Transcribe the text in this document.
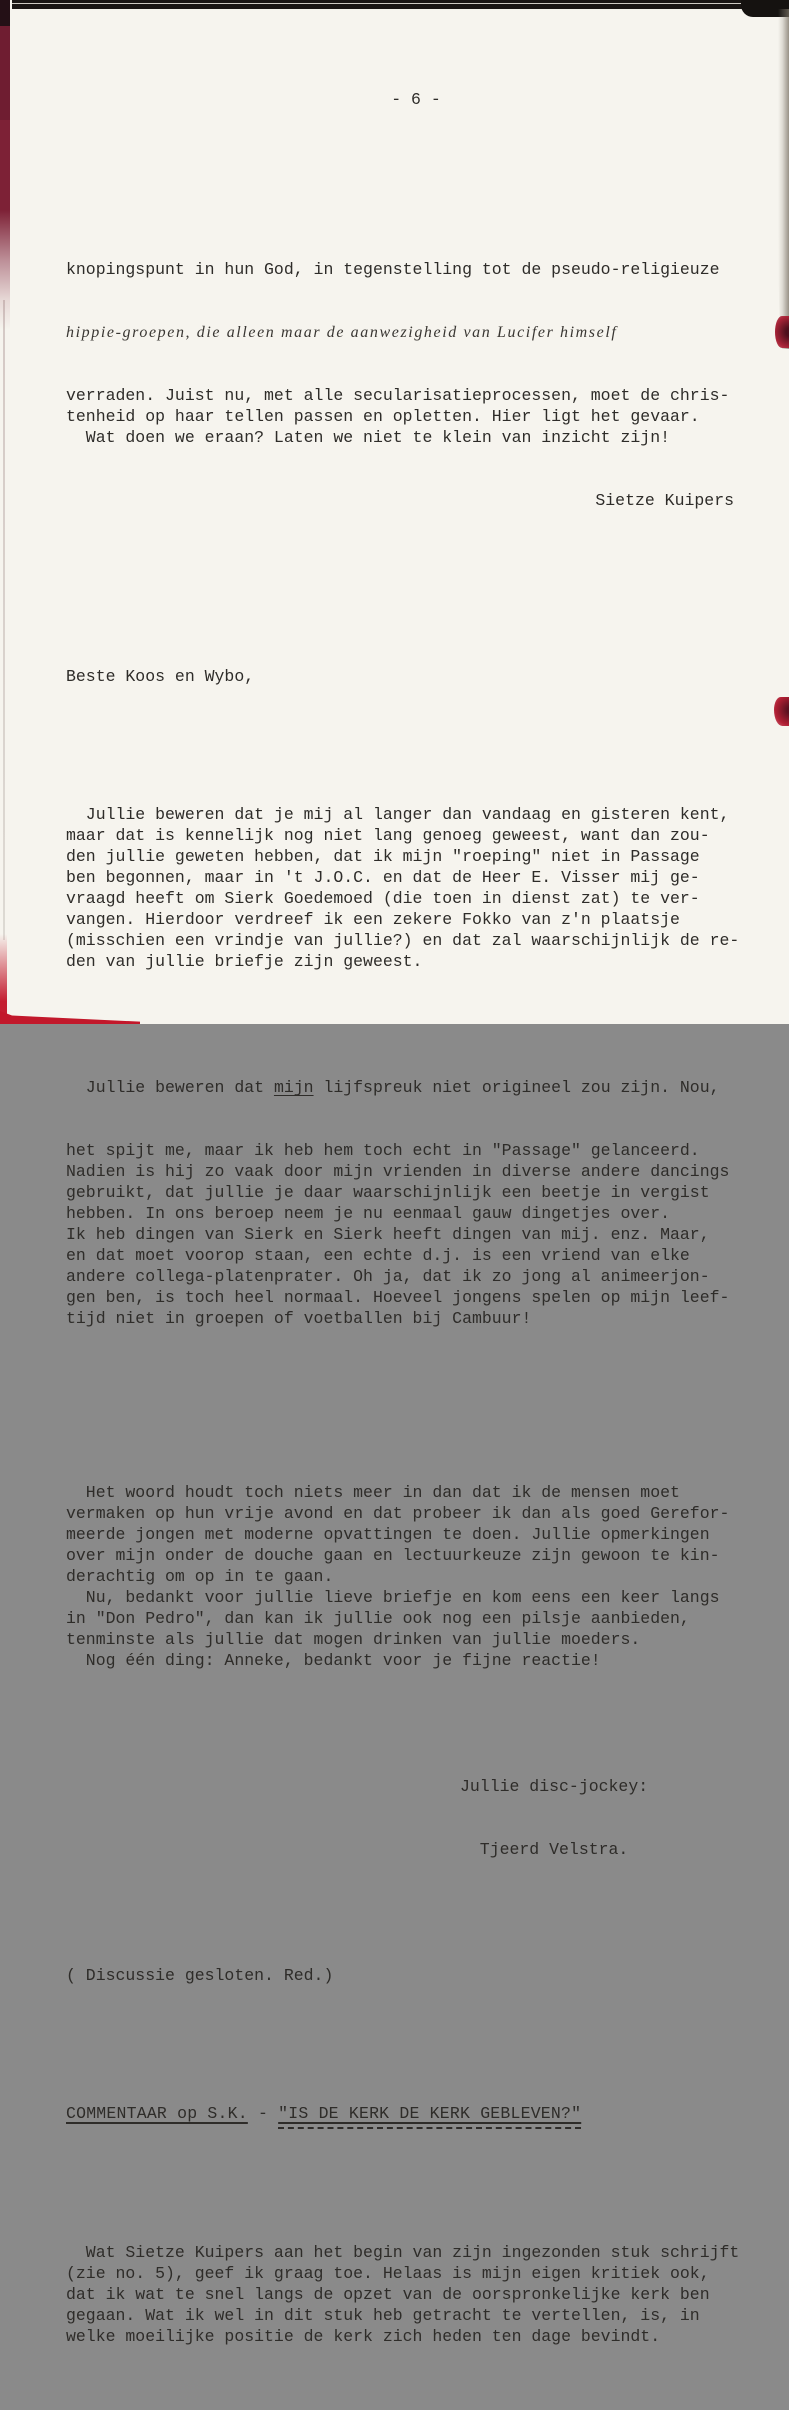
- 6 -

knopingspunt in hun God, in tegenstelling tot de pseudo-religieuze

hippie-groepen, die alleen maar de aanwezigheid van Lucifer himself

verraden. Juist nu, met alle secularisatieprocessen, moet de chris-
tenheid op haar tellen passen en opletten. Hier ligt het gevaar.
Wat doen we eraan? Laten we niet te klein van inzicht zijn!

Sietze Kuipers

Beste Koos en Wybo,

Jullie beweren dat je mij al langer dan vandaag en gisteren kent,
maar dat is kennelijk nog niet lang genoeg geweest, want dan zou-
den jullie geweten hebben, dat ik mijn "roeping" niet in Passage
ben begonnen, maar in 't J.O.C. en dat de Heer E. Visser mij ge-
vraagd heeft om Sierk Goedemoed (die toen in dienst zat) te ver-
vangen. Hierdoor verdreef ik een zekere Fokko van z'n plaatsje
(misschien een vrindje van jullie?) en dat zal waarschijnlijk de re-
den van jullie briefje zijn geweest.

Jullie beweren dat mijn lijfspreuk niet origineel zou zijn. Nou,

het spijt me, maar ik heb hem toch echt in "Passage" gelanceerd.
Nadien is hij zo vaak door mijn vrienden in diverse andere dancings
gebruikt, dat jullie je daar waarschijnlijk een beetje in vergist
hebben. In ons beroep neem je nu eenmaal gauw dingetjes over.
Ik heb dingen van Sierk en Sierk heeft dingen van mij. enz. Maar,
en dat moet voorop staan, een echte d.j. is een vriend van elke
andere collega-platenprater. Oh ja, dat ik zo jong al animeerjon-
gen ben, is toch heel normaal. Hoeveel jongens spelen op mijn leef-
tijd niet in groepen of voetballen bij Cambuur!

Het woord houdt toch niets meer in dan dat ik de mensen moet
vermaken op hun vrije avond en dat probeer ik dan als goed Gerefor-
meerde jongen met moderne opvattingen te doen. Jullie opmerkingen
over mijn onder de douche gaan en lectuurkeuze zijn gewoon te kin-
derachtig om op in te gaan.
Nu, bedankt voor jullie lieve briefje en kom eens een keer langs
in "Don Pedro", dan kan ik jullie ook nog een pilsje aanbieden,
tenminste als jullie dat mogen drinken van jullie moeders.
Nog één ding: Anneke, bedankt voor je fijne reactie!

Jullie disc-jockey:

Tjeerd Velstra.

( Discussie gesloten. Red.)

COMMENTAAR op S.K. - "IS DE KERK DE KERK GEBLEVEN?"

Wat Sietze Kuipers aan het begin van zijn ingezonden stuk schrijft
(zie no. 5), geef ik graag toe. Helaas is mijn eigen kritiek ook,
dat ik wat te snel langs de opzet van de oorspronkelijke kerk ben
gegaan. Wat ik wel in dit stuk heb getracht te vertellen, is, in
welke moeilijke positie de kerk zich heden ten dage bevindt.
